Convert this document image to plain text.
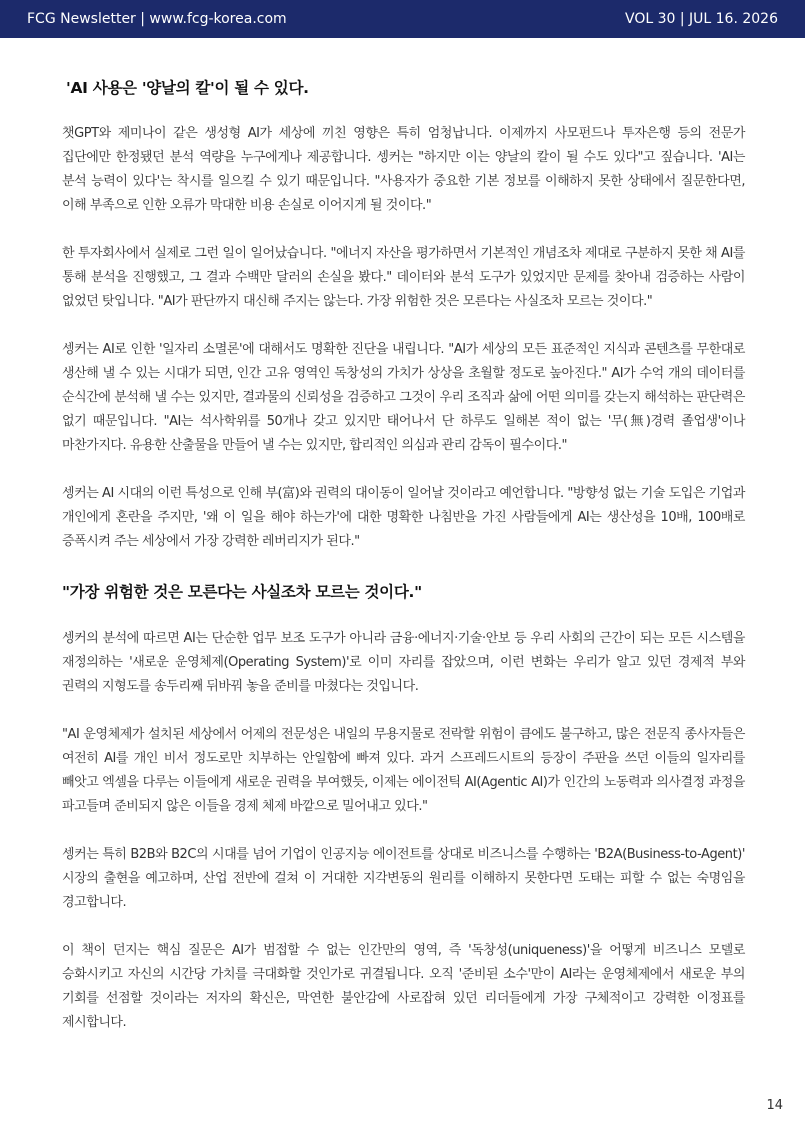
FCG Newsletter | www.fcg-korea.com	VOL 30 | JUL 16. 2026
'AI 사용은 '양날의 칼'이 될 수 있다.

챗GPT와 제미나이 같은 생성형 AI가 세상에 끼친 영향은 특히 엄청납니다. 이제까지 사모펀드나 투자은행 등의 전문가 집단에만 한정됐던 분석 역량을 누구에게나 제공합니다. 셍커는 "하지만 이는 양날의 칼이 될 수도 있다"고 짚습니다. 'AI는 분석 능력이 있다'는 착시를 일으킬 수 있기 때문입니다. "사용자가 중요한 기본 정보를 이해하지 못한 상태에서 질문한다면, 이해 부족으로 인한 오류가 막대한 비용 손실로 이어지게 될 것이다."

한 투자회사에서 실제로 그런 일이 일어났습니다. "에너지 자산을 평가하면서 기본적인 개념조차 제대로 구분하지 못한 채 AI를 통해 분석을 진행했고, 그 결과 수백만 달러의 손실을 봤다." 데이터와 분석 도구가 있었지만 문제를 찾아내 검증하는 사람이 없었던 탓입니다. "AI가 판단까지 대신해 주지는 않는다. 가장 위험한 것은 모른다는 사실조차 모르는 것이다."

셍커는 AI로 인한 '일자리 소멸론'에 대해서도 명확한 진단을 내립니다. "AI가 세상의 모든 표준적인 지식과 콘텐츠를 무한대로 생산해 낼 수 있는 시대가 되면, 인간 고유 영역인 독창성의 가치가 상상을 초월할 정도로 높아진다." AI가 수억 개의 데이터를 순식간에 분석해 낼 수는 있지만, 결과물의 신뢰성을 검증하고 그것이 우리 조직과 삶에 어떤 의미를 갖는지 해석하는 판단력은 없기 때문입니다. "AI는 석사학위를 50개나 갖고 있지만 태어나서 단 하루도 일해본 적이 없는 '무(無)경력 졸업생'이나 마찬가지다. 유용한 산출물을 만들어 낼 수는 있지만, 합리적인 의심과 관리 감독이 필수이다."

셍커는 AI 시대의 이런 특성으로 인해 부(富)와 권력의 대이동이 일어날 것이라고 예언합니다. "방향성 없는 기술 도입은 기업과 개인에게 혼란을 주지만, '왜 이 일을 해야 하는가'에 대한 명확한 나침반을 가진 사람들에게 AI는 생산성을 10배, 100배로 증폭시켜 주는 세상에서 가장 강력한 레버리지가 된다."

"가장 위험한 것은 모른다는 사실조차 모르는 것이다."

셍커의 분석에 따르면 AI는 단순한 업무 보조 도구가 아니라 금융·에너지·기술·안보 등 우리 사회의 근간이 되는 모든 시스템을 재정의하는 '새로운 운영체제(Operating System)'로 이미 자리를 잡았으며, 이런 변화는 우리가 알고 있던 경제적 부와 권력의 지형도를 송두리째 뒤바꿔 놓을 준비를 마쳤다는 것입니다.

"AI 운영체제가 설치된 세상에서 어제의 전문성은 내일의 무용지물로 전락할 위험이 큼에도 불구하고, 많은 전문직 종사자들은 여전히 AI를 개인 비서 정도로만 치부하는 안일함에 빠져 있다. 과거 스프레드시트의 등장이 주판을 쓰던 이들의 일자리를 빼앗고 엑셀을 다루는 이들에게 새로운 권력을 부여했듯, 이제는 에이전틱 AI(Agentic AI)가 인간의 노동력과 의사결정 과정을 파고들며 준비되지 않은 이들을 경제 체제 바깥으로 밀어내고 있다."

셍커는 특히 B2B와 B2C의 시대를 넘어 기업이 인공지능 에이전트를 상대로 비즈니스를 수행하는 'B2A(Business-to-Agent)' 시장의 출현을 예고하며, 산업 전반에 걸쳐 이 거대한 지각변동의 원리를 이해하지 못한다면 도태는 피할 수 없는 숙명임을 경고합니다.

이 책이 던지는 핵심 질문은 AI가 범접할 수 없는 인간만의 영역, 즉 '독창성(uniqueness)'을 어떻게 비즈니스 모델로 승화시키고 자신의 시간당 가치를 극대화할 것인가로 귀결됩니다. 오직 '준비된 소수'만이 AI라는 운영체제에서 새로운 부의 기회를 선점할 것이라는 저자의 확신은, 막연한 불안감에 사로잡혀 있던 리더들에게 가장 구체적이고 강력한 이정표를 제시합니다.

14
